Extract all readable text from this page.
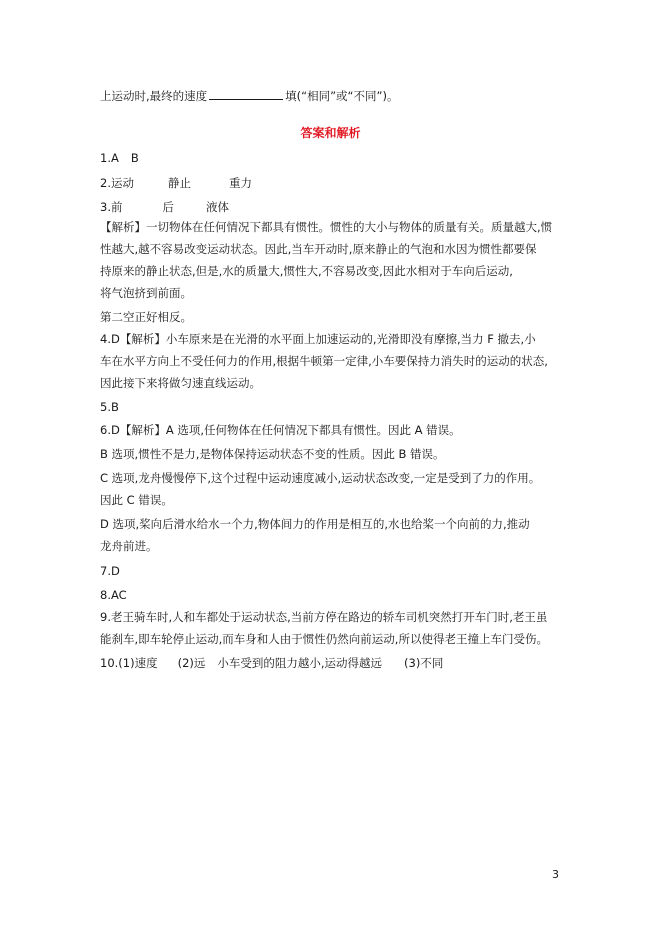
上运动时,最终的速度	填(“相同”或“不同”)。
答案和解析
1.A B
2.运动	静止	重力
3.前	后	液体
【解析】一切物体在任何情况下都具有惯性。惯性的大小与物体的质量有关。质量越大,惯
性越大,越不容易改变运动状态。因此,当车开动时,原来静止的气泡和水因为惯性都要保
持原来的静止状态,但是,水的质量大,惯性大,不容易改变,因此水相对于车向后运动,
将气泡挤到前面。
第二空正好相反。
4.D【解析】小车原来是在光滑的水平面上加速运动的,光滑即没有摩擦,当力 F 撤去,小
车在水平方向上不受任何力的作用,根据牛顿第一定律,小车要保持力消失时的运动的状态,
因此接下来将做匀速直线运动。
5.B
6.D【解析】A 选项,任何物体在任何情况下都具有惯性。因此 A 错误。
B 选项,惯性不是力,是物体保持运动状态不变的性质。因此 B 错误。
C 选项,龙舟慢慢停下,这个过程中运动速度减小,运动状态改变,一定是受到了力的作用。
因此 C 错误。
D 选项,桨向后滑水给水一个力,物体间力的作用是相互的,水也给桨一个向前的力,推动
龙舟前进。
7.D
8.AC
9.老王骑车时,人和车都处于运动状态,当前方停在路边的轿车司机突然打开车门时,老王虽
能刹车,即车轮停止运动,而车身和人由于惯性仍然向前运动,所以使得老王撞上车门受伤。
10.(1)速度 (2)远 小车受到的阻力越小,运动得越远 (3)不同
3
